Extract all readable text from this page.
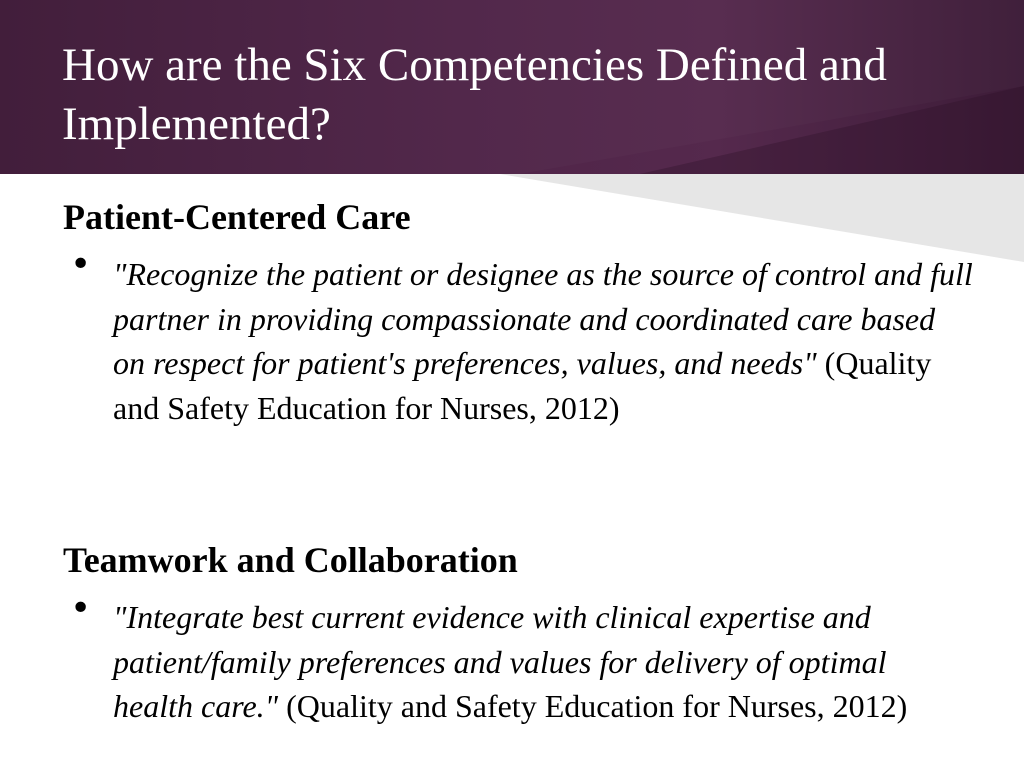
How are the Six Competencies Defined and Implemented?
Patient-Centered Care
• "Recognize the patient or designee as the source of control and full partner in providing compassionate and coordinated care based on respect for patient's preferences, values, and needs" (Quality and Safety Education for Nurses, 2012)

Teamwork and Collaboration
• "Integrate best current evidence with clinical expertise and patient/family preferences and values for delivery of optimal health care." (Quality and Safety Education for Nurses, 2012)
